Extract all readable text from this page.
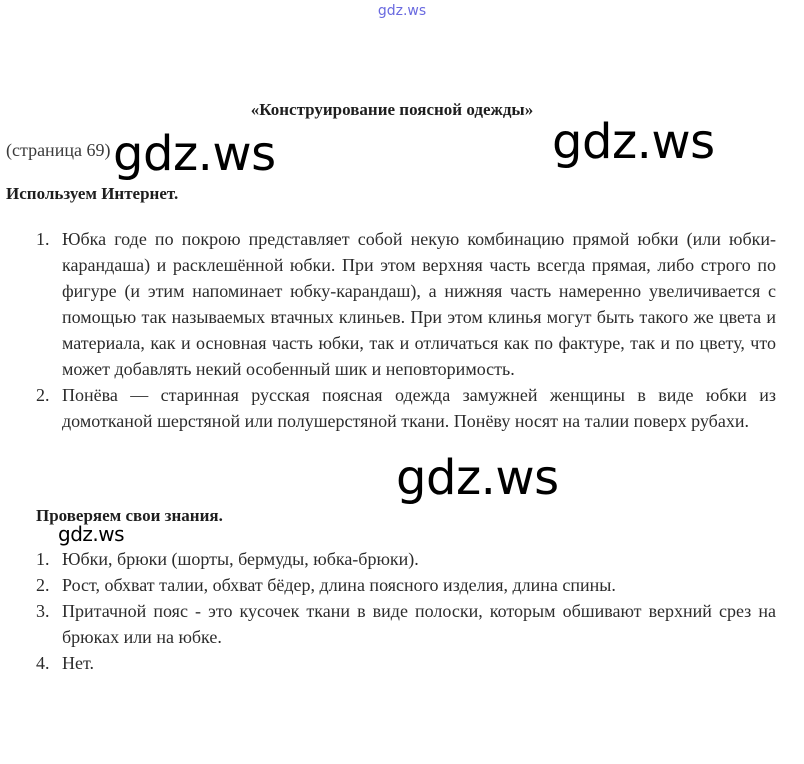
gdz.ws
«Конструирование поясной одежды»
(страница 69)
Используем Интернет.
1. Юбка годе по покрою представляет собой некую комбинацию прямой юбки (или юбки-карандаша) и расклешённой юбки. При этом верхняя часть всегда прямая, либо строго по фигуре (и этим напоминает юбку-карандаш), а нижняя часть намеренно увеличивается с помощью так называемых втачных клиньев. При этом клинья могут быть такого же цвета и материала, как и основная часть юбки, так и отличаться как по фактуре, так и по цвету, что может добавлять некий особенный шик и неповторимость.

2. Понёва — старинная русская поясная одежда замужней женщины в виде юбки из домотканой шерстяной или полушерстяной ткани. Понёву носят на талии поверх рубахи.

Проверяем свои знания.
1. Юбки, брюки (шорты, бермуды, юбка-брюки).

2. Рост, обхват талии, обхват бёдер, длина поясного изделия, длина спины.

3. Притачной пояс - это кусочек ткани в виде полоски, которым обшивают верхний срез на брюках или на юбке.

4. Нет.

gdz.ws	gdz.ws
gdz.ws
gdz.ws
